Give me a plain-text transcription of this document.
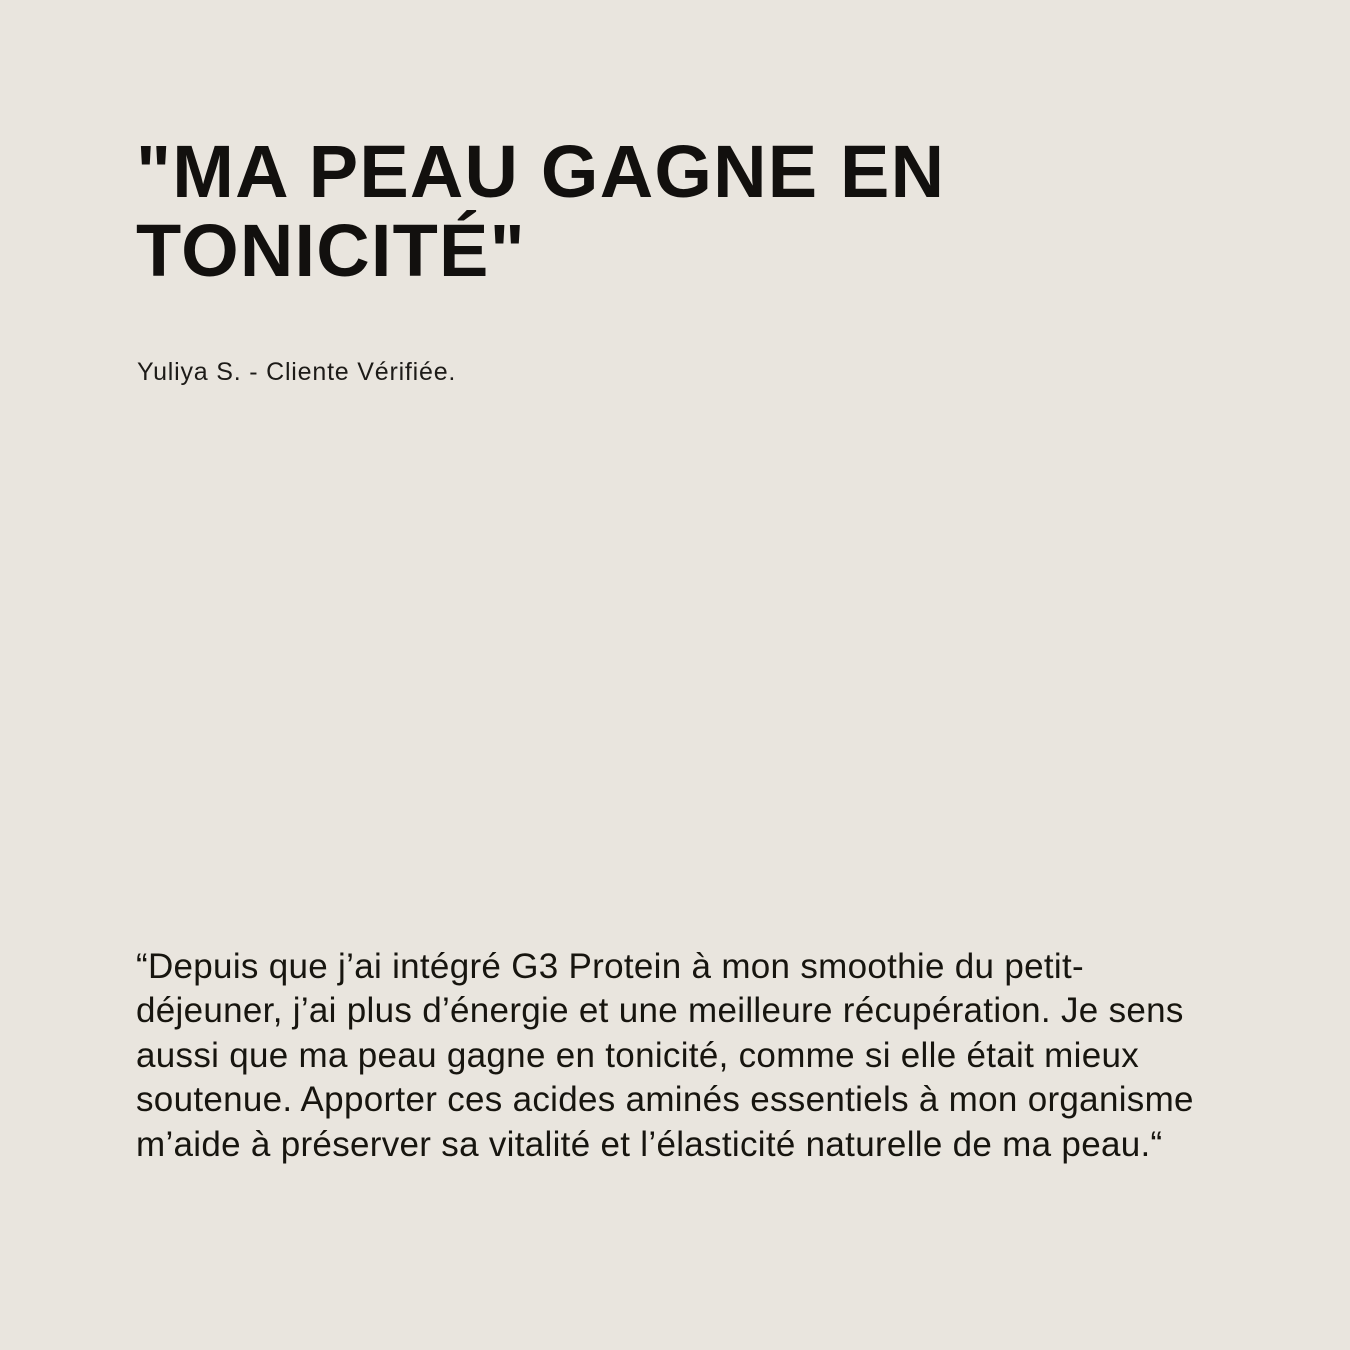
"MA PEAU GAGNE EN TONICITÉ"

Yuliya S. - Cliente Vérifiée.

“Depuis que j’ai intégré G3 Protein à mon smoothie du petit-déjeuner, j’ai plus d’énergie et une meilleure récupération. Je sens aussi que ma peau gagne en tonicité, comme si elle était mieux soutenue. Apporter ces acides aminés essentiels à mon organisme m’aide à préserver sa vitalité et l’élasticité naturelle de ma peau.“
